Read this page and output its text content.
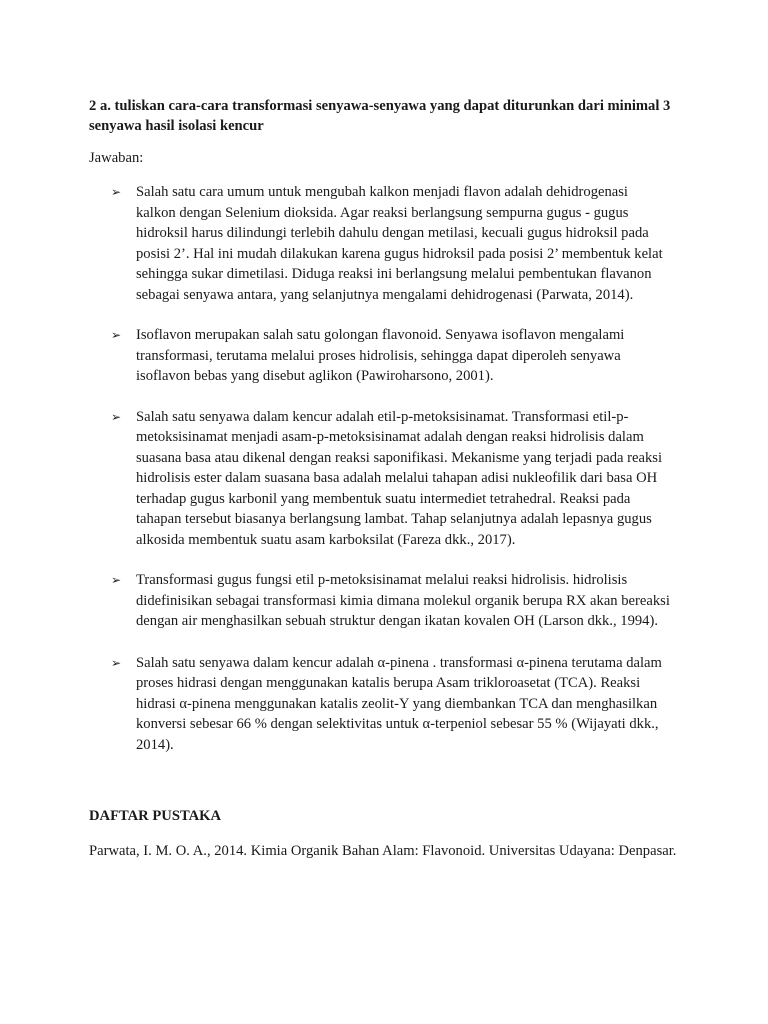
2 a. tuliskan cara-cara transformasi senyawa-senyawa yang dapat diturunkan dari minimal 3 senyawa hasil isolasi kencur
Jawaban:
➢ Salah satu cara umum untuk mengubah kalkon menjadi flavon adalah dehidrogenasi kalkon dengan Selenium dioksida. Agar reaksi berlangsung sempurna gugus - gugus hidroksil harus dilindungi terlebih dahulu dengan metilasi, kecuali gugus hidroksil pada posisi 2’. Hal ini mudah dilakukan karena gugus hidroksil pada posisi 2’ membentuk kelat sehingga sukar dimetilasi. Diduga reaksi ini berlangsung melalui pembentukan flavanon sebagai senyawa antara, yang selanjutnya mengalami dehidrogenasi (Parwata, 2014).
➢ Isoflavon merupakan salah satu golongan flavonoid. Senyawa isoflavon mengalami transformasi, terutama melalui proses hidrolisis, sehingga dapat diperoleh senyawa isoflavon bebas yang disebut aglikon (Pawiroharsono, 2001).
➢ Salah satu senyawa dalam kencur adalah etil-p-metoksisinamat. Transformasi etil-p-metoksisinamat menjadi asam-p-metoksisinamat adalah dengan reaksi hidrolisis dalam suasana basa atau dikenal dengan reaksi saponifikasi. Mekanisme yang terjadi pada reaksi hidrolisis ester dalam suasana basa adalah melalui tahapan adisi nukleofilik dari basa OH terhadap gugus karbonil yang membentuk suatu intermediet tetrahedral. Reaksi pada tahapan tersebut biasanya berlangsung lambat. Tahap selanjutnya adalah lepasnya gugus alkosida membentuk suatu asam karboksilat (Fareza dkk., 2017).
➢ Transformasi gugus fungsi etil p-metoksisinamat melalui reaksi hidrolisis. hidrolisis didefinisikan sebagai transformasi kimia dimana molekul organik berupa RX akan bereaksi dengan air menghasilkan sebuah struktur dengan ikatan kovalen OH (Larson dkk., 1994).
➢ Salah satu senyawa dalam kencur adalah α-pinena . transformasi α-pinena terutama dalam proses hidrasi dengan menggunakan katalis berupa Asam trikloroasetat (TCA). Reaksi hidrasi α-pinena menggunakan katalis zeolit-Y yang diembankan TCA dan menghasilkan konversi sebesar 66 % dengan selektivitas untuk α-terpeniol sebesar 55 % (Wijayati dkk., 2014).
DAFTAR PUSTAKA
Parwata, I. M. O. A., 2014. Kimia Organik Bahan Alam: Flavonoid. Universitas Udayana: Denpasar.
